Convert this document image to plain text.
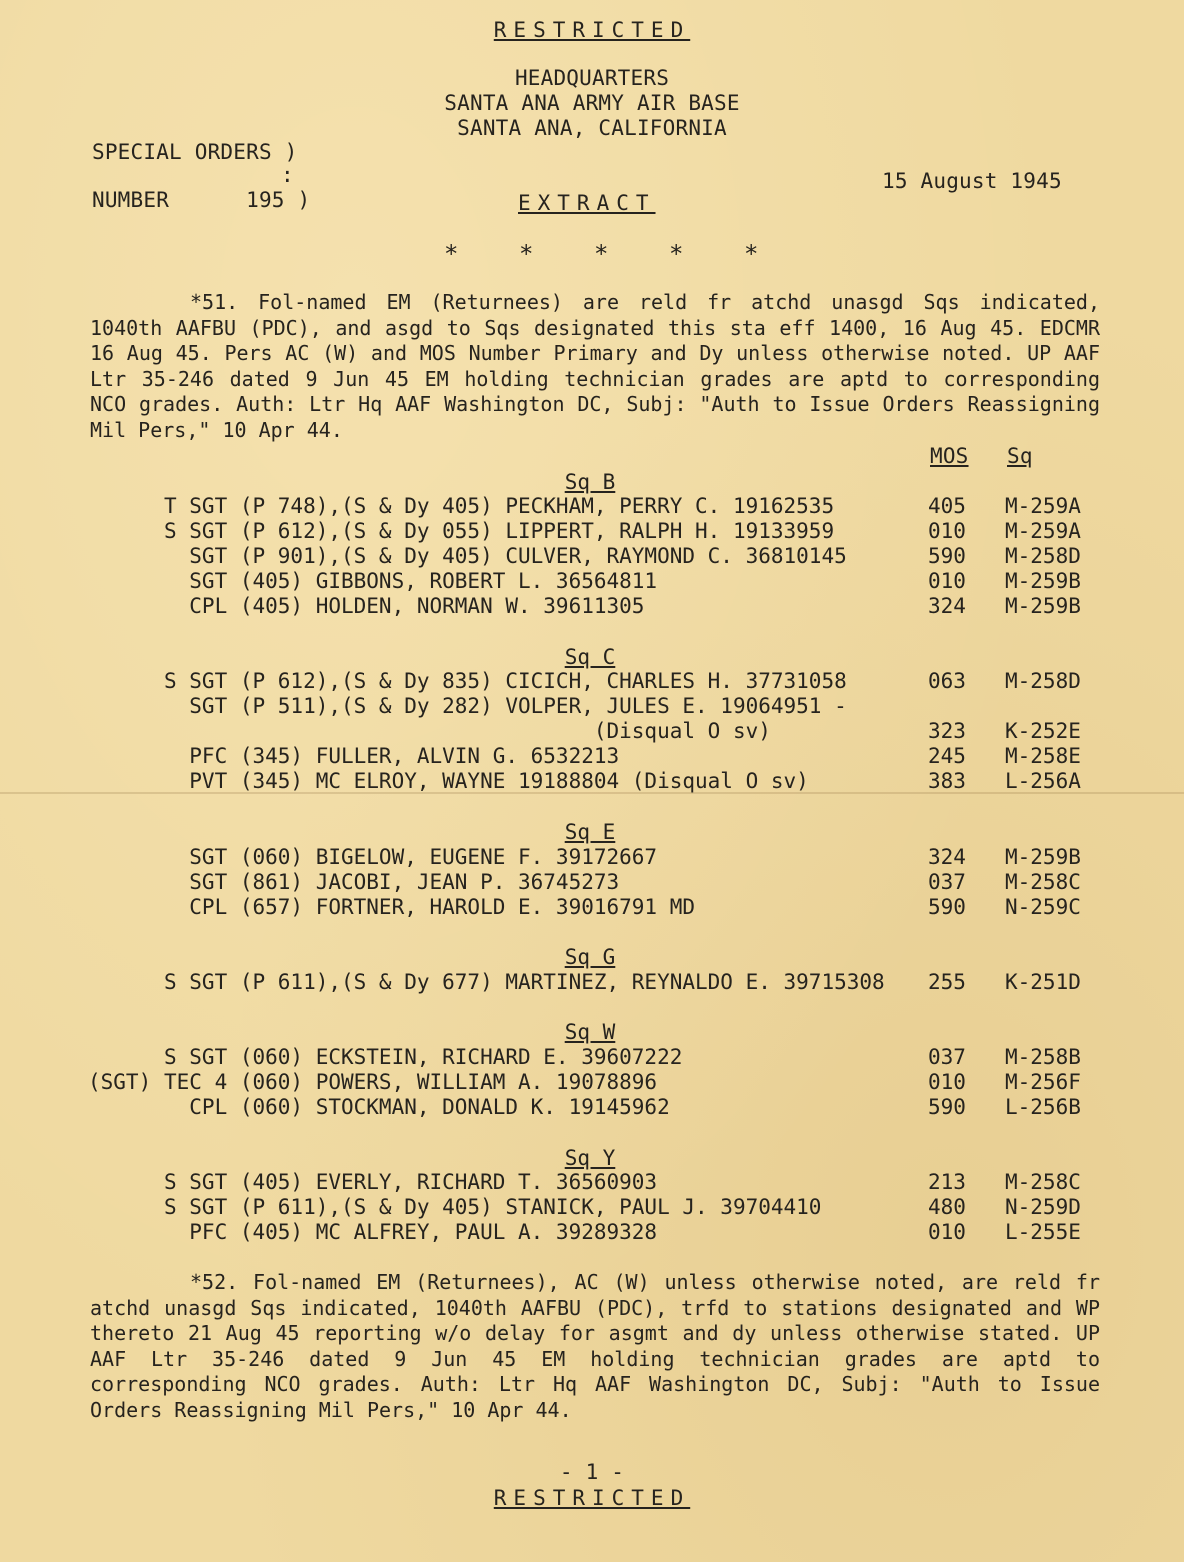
RESTRICTED
HEADQUARTERS
SANTA ANA ARMY AIR BASE
SANTA ANA, CALIFORNIA
SPECIAL ORDERS )
:
NUMBER      195 )
15 August 1945
EXTRACT
*	*	*	*	*
*51. Fol-named EM (Returnees) are reld fr atchd unasgd Sqs indicated, 1040th AAFBU (PDC), and asgd to Sqs designated this sta eff 1400, 16 Aug 45. EDCMR 16 Aug 45. Pers AC (W) and MOS Number Primary and Dy unless otherwise noted. UP AAF Ltr 35-246 dated 9 Jun 45 EM holding technician grades are aptd to corresponding NCO grades. Auth: Ltr Hq AAF Washington DC, Subj: "Auth to Issue Orders Reassigning Mil Pers," 10 Apr 44.
MOS Sq
Sq B
T SGT (P 748),(S & Dy 405) PECKHAM, PERRY C. 19162535	405 M-259A
S SGT (P 612),(S & Dy 055) LIPPERT, RALPH H. 19133959	010 M-259A
SGT (P 901),(S & Dy 405) CULVER, RAYMOND C. 36810145	590 M-258D
SGT (405) GIBBONS, ROBERT L. 36564811	010 M-259B
CPL (405) HOLDEN, NORMAN W. 39611305	324 M-259B
Sq C
S SGT (P 612),(S & Dy 835) CICICH, CHARLES H. 37731058	063 M-258D
SGT (P 511),(S & Dy 282) VOLPER, JULES E. 19064951 -
(Disqual O sv)	323 K-252E
PFC (345) FULLER, ALVIN G. 6532213	245 M-258E
PVT (345) MC ELROY, WAYNE 19188804 (Disqual O sv)	383 L-256A
Sq E
SGT (060) BIGELOW, EUGENE F. 39172667	324 M-259B
SGT (861) JACOBI, JEAN P. 36745273	037 M-258C
CPL (657) FORTNER, HAROLD E. 39016791 MD	590 N-259C
Sq G
S SGT (P 611),(S & Dy 677) MARTINEZ, REYNALDO E. 39715308 255 K-251D
Sq W
S SGT (060) ECKSTEIN, RICHARD E. 39607222	037 M-258B
(SGT) TEC 4 (060) POWERS, WILLIAM A. 19078896	010 M-256F
CPL (060) STOCKMAN, DONALD K. 19145962	590 L-256B
Sq Y
S SGT (405) EVERLY, RICHARD T. 36560903	213 M-258C
S SGT (P 611),(S & Dy 405) STANICK, PAUL J. 39704410	480 N-259D
PFC (405) MC ALFREY, PAUL A. 39289328	010 L-255E
*52. Fol-named EM (Returnees), AC (W) unless otherwise noted, are reld fr atchd unasgd Sqs indicated, 1040th AAFBU (PDC), trfd to stations designated and WP thereto 21 Aug 45 reporting w/o delay for asgmt and dy unless otherwise stated. UP AAF Ltr 35-246 dated 9 Jun 45 EM holding technician grades are aptd to corresponding NCO grades. Auth: Ltr Hq AAF Washington DC, Subj: "Auth to Issue Orders Reassigning Mil Pers," 10 Apr 44.
- 1 -
RESTRICTED
